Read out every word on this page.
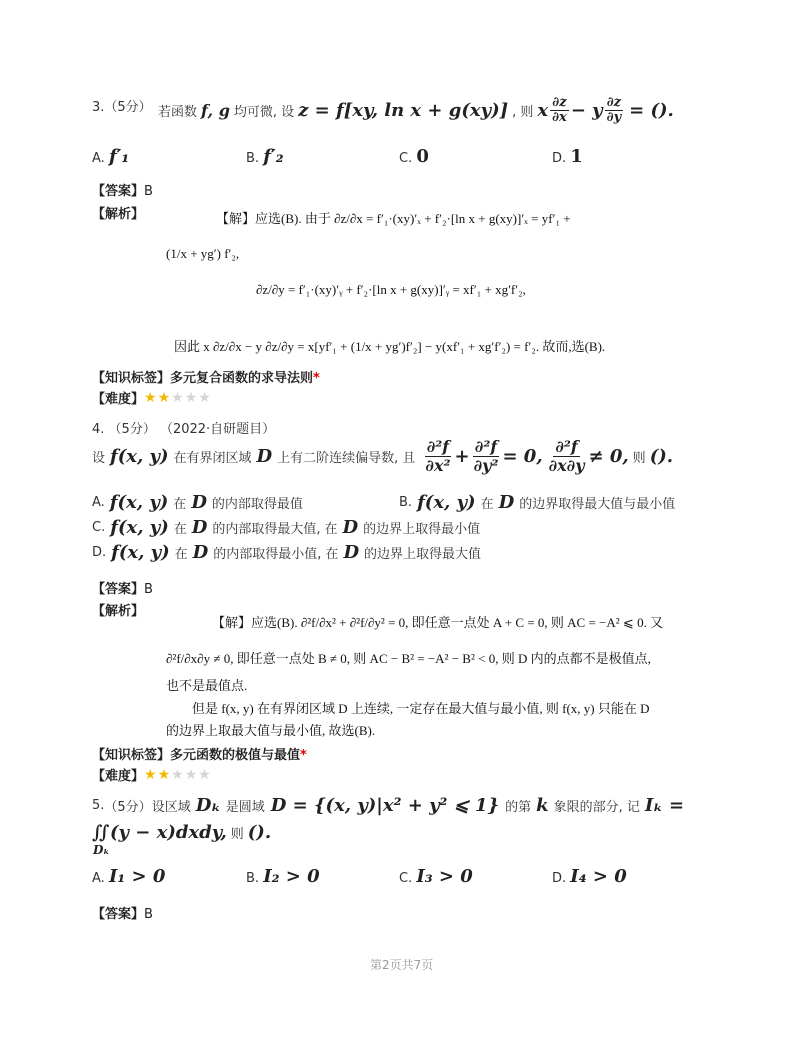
3.（5分） 若函数 f, g 均可微, 设 z = f[xy, ln x + g(xy)] , 则 x $\frac{\partial z}{\partial x} - y \frac{\partial z}{\partial y}$ = ().
A. f′₁	B. f′₂	C. 0	D. 1
【答案】B
【解析】	【解】应选(B). 由于 ∂z/∂x = f′₁·(xy)′ₓ + f′₂·[ln x + g(xy)]′ₓ = yf′₁ +
(1/x + yg′) f′₂,
∂z/∂y = f′₁·(xy)′ᵧ + f′₂·[ln x + g(xy)]′ᵧ = xf′₁ + xg′f′₂,
因此 x ∂z/∂x − y ∂z/∂y = x[yf′₁ + (1/x + yg′)f′₂] − y(xf′₁ + xg′f′₂) = f′₂. 故而,选(B).
【知识标签】多元复合函数的求导法则*
【难度】 ★★★★★
4. （5分） （2022·自研题目）
设 f(x, y) 在有界闭区域 D 上有二阶连续偏导数, 且 $\frac{\text{∂²f}}{\text{∂x²}} + \frac{\text{∂²f}}{\text{∂y²}} = 0$, $\frac{\text{∂²f}}{\partial x\partial y} \ne 0$, 则 ().
A. f(x, y) 在 D 的内部取得最值	B. f(x, y) 在 D 的边界取得最大值与最小值
C. f(x, y) 在 D 的内部取得最大值, 在 D 的边界上取得最小值
D. f(x, y) 在 D 的内部取得最小值, 在 D 的边界上取得最大值
【答案】B
【解析】
【解】应选(B). ∂²f/∂x² + ∂²f/∂y² = 0, 即任意一点处 A + C = 0, 则 AC = −A² ⩽ 0. 又
∂²f/∂x∂y ≠ 0, 即任意一点处 B ≠ 0, 则 AC − B² = −A² − B² < 0, 则 D 内的点都不是极值点,
也不是最值点.
但是 f(x, y) 在有界闭区域 D 上连续, 一定存在最大值与最小值, 则 f(x, y) 只能在 D
的边界上取最大值与最小值, 故选(B).
【知识标签】多元函数的极值与最值*
【难度】 ★★★★★
5. （5分） 设区域 Dₖ 是圆域 D = {(x, y)|x² + y² ⩽ 1} 的第 k 象限的部分, 记 Iₖ =
∬(y − x)dxdy, 则 ().
Dₖ
A. I₁ > 0	B. I₂ > 0	C. I₃ > 0	D. I₄ > 0
【答案】B
第2页共7页
